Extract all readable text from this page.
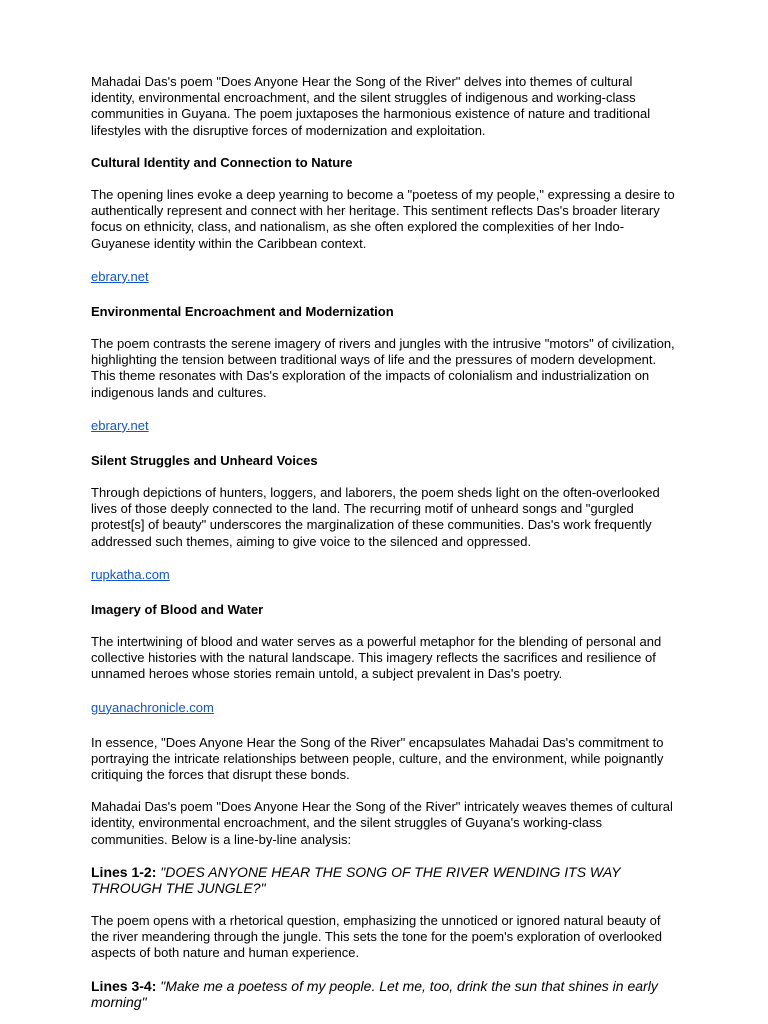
Mahadai Das's poem "Does Anyone Hear the Song of the River" delves into themes of cultural identity, environmental encroachment, and the silent struggles of indigenous and working-class communities in Guyana. The poem juxtaposes the harmonious existence of nature and traditional lifestyles with the disruptive forces of modernization and exploitation.

Cultural Identity and Connection to Nature

The opening lines evoke a deep yearning to become a "poetess of my people," expressing a desire to authentically represent and connect with her heritage. This sentiment reflects Das's broader literary focus on ethnicity, class, and nationalism, as she often explored the complexities of her Indo-Guyanese identity within the Caribbean context.

ebrary.net

Environmental Encroachment and Modernization

The poem contrasts the serene imagery of rivers and jungles with the intrusive "motors" of civilization, highlighting the tension between traditional ways of life and the pressures of modern development. This theme resonates with Das's exploration of the impacts of colonialism and industrialization on indigenous lands and cultures.

ebrary.net

Silent Struggles and Unheard Voices

Through depictions of hunters, loggers, and laborers, the poem sheds light on the often-overlooked lives of those deeply connected to the land. The recurring motif of unheard songs and "gurgled protest[s] of beauty" underscores the marginalization of these communities. Das's work frequently addressed such themes, aiming to give voice to the silenced and oppressed.

rupkatha.com

Imagery of Blood and Water

The intertwining of blood and water serves as a powerful metaphor for the blending of personal and collective histories with the natural landscape. This imagery reflects the sacrifices and resilience of unnamed heroes whose stories remain untold, a subject prevalent in Das's poetry.

guyanachronicle.com

In essence, "Does Anyone Hear the Song of the River" encapsulates Mahadai Das's commitment to portraying the intricate relationships between people, culture, and the environment, while poignantly critiquing the forces that disrupt these bonds.

Mahadai Das's poem "Does Anyone Hear the Song of the River" intricately weaves themes of cultural identity, environmental encroachment, and the silent struggles of Guyana's working-class communities. Below is a line-by-line analysis:

Lines 1-2: "DOES ANYONE HEAR THE SONG OF THE RIVER WENDING ITS WAY THROUGH THE JUNGLE?"

The poem opens with a rhetorical question, emphasizing the unnoticed or ignored natural beauty of the river meandering through the jungle. This sets the tone for the poem's exploration of overlooked aspects of both nature and human experience.

Lines 3-4: "Make me a poetess of my people. Let me, too, drink the sun that shines in early morning"
